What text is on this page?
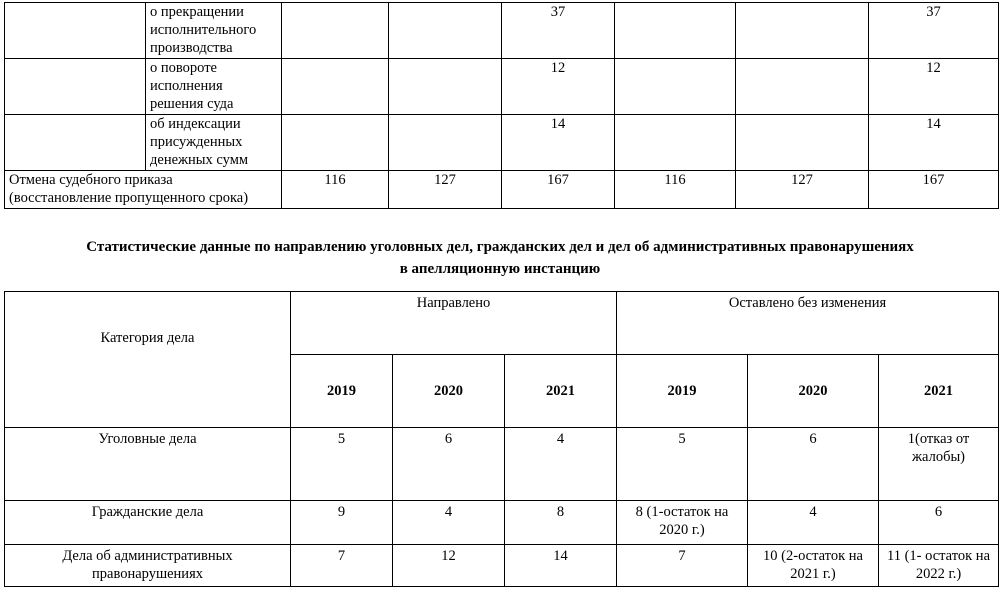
	о прекращении исполнительного производства			37			37
	о повороте исполнения решения суда			12			12
	об индексации присужденных денежных сумм			14			14
Отмена судебного приказа (восстановление пропущенного срока)		116	127	167	116	127	167
Статистические данные по направлению уголовных дел, гражданских дел и дел об административных правонарушениях
в апелляционную инстанцию
Категория дела	Направлено			Оставлено без изменения		
	2019	2020	2021	2019	2020	2021
Уголовные дела	5	6	4	5	6	1(отказ от жалобы)
Гражданские дела	9	4	8	8 (1-остаток на 2020 г.)	4	6
Дела об административных правонарушениях	7	12	14	7	10 (2-остаток на 2021 г.)	11 (1- остаток на 2022 г.)
